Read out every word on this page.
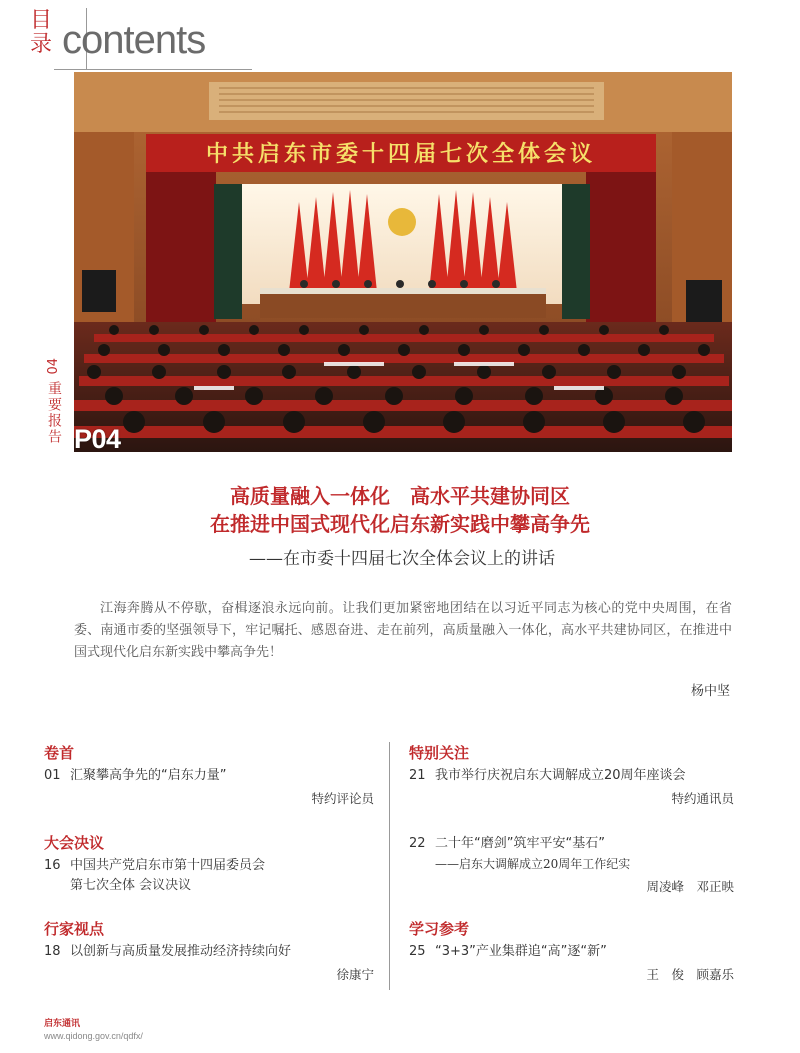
目
录 contents
04
重要报告
中共启东市委十四届七次全体会议
P04
高质量融入一体化　高水平共建协同区
在推进中国式现代化启东新实践中攀高争先
——在市委十四届七次全体会议上的讲话

江海奔腾从不停歇，奋楫逐浪永远向前。让我们更加紧密地团结在以习近平同志为核心的党中央周围，在省委、南通市委的坚强领导下，牢记嘱托、感恩奋进、走在前列，高质量融入一体化，高水平共建协同区，在推进中国式现代化启东新实践中攀高争先！

杨中坚
卷首
01 汇聚攀高争先的“启东力量”
特约评论员
大会决议
16 中国共产党启东市第十四届委员会
第七次全体 会议决议
行家视点
18 以创新与高质量发展推动经济持续向好
徐康宁
特别关注
21 我市举行庆祝启东大调解成立20周年座谈会
特约通讯员
22 二十年“磨剑”筑牢平安“基石”
——启东大调解成立20周年工作纪实
周凌峰　邓正映
学习参考
25 “3+3”产业集群追“高”逐“新”
王　俊　顾嘉乐
启东通讯
www.qidong.gov.cn/qdfx/
